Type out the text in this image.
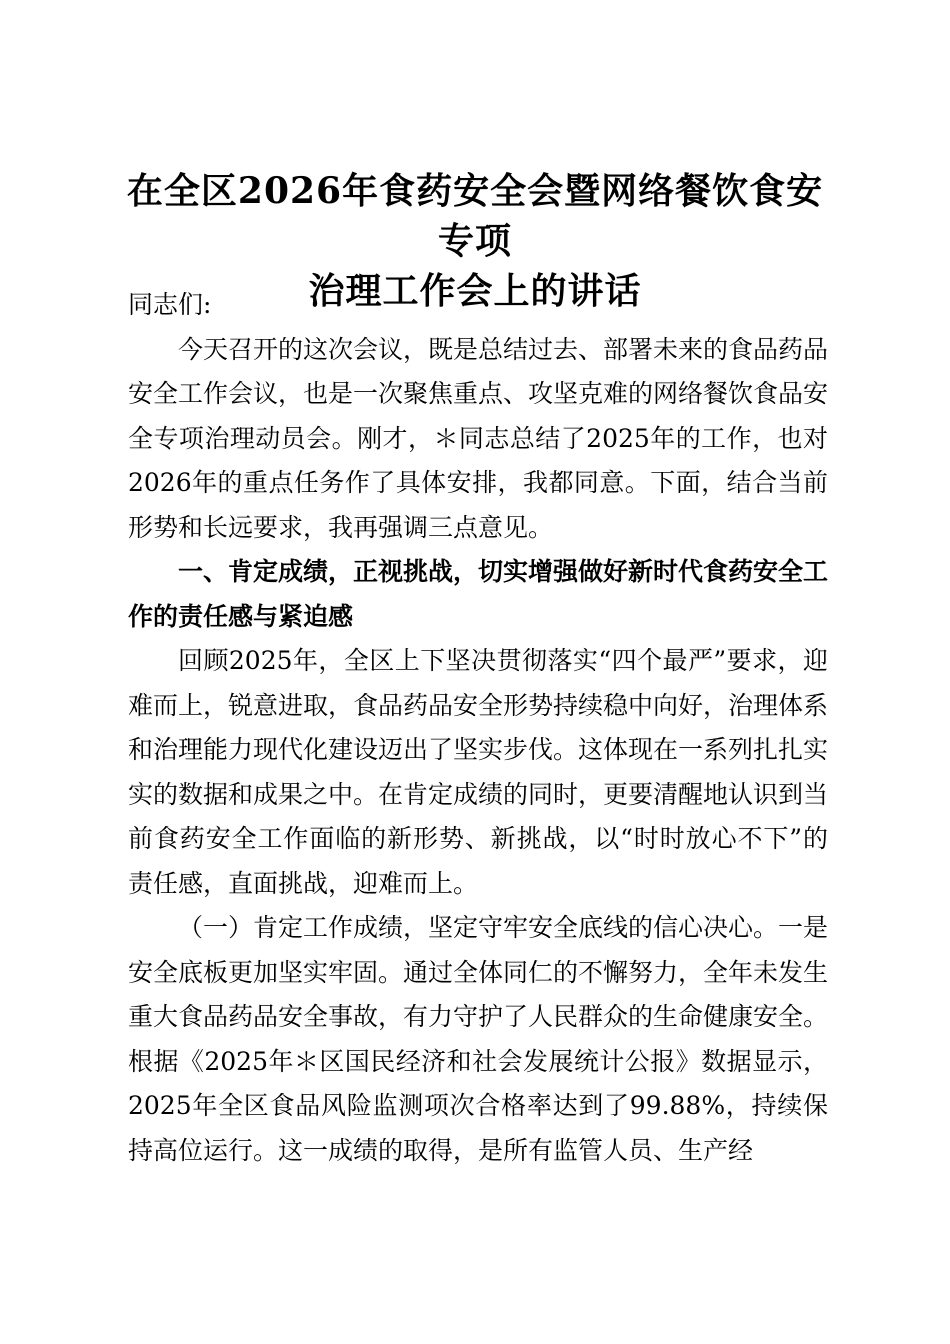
在全区2026年食药安全会暨网络餐饮食安专项
治理工作会上的讲话

同志们:

今天召开的这次会议，既是总结过去、部署未来的食品药品安全工作会议，也是一次聚焦重点、攻坚克难的网络餐饮食品安全专项治理动员会。刚才，＊同志总结了2025年的工作，也对2026年的重点任务作了具体安排，我都同意。下面，结合当前形势和长远要求，我再强调三点意见。

一、肯定成绩，正视挑战，切实增强做好新时代食药安全工作的责任感与紧迫感

回顾2025年，全区上下坚决贯彻落实“四个最严”要求，迎难而上，锐意进取，食品药品安全形势持续稳中向好，治理体系和治理能力现代化建设迈出了坚实步伐。这体现在一系列扎扎实实的数据和成果之中。在肯定成绩的同时，更要清醒地认识到当前食药安全工作面临的新形势、新挑战，以“时时放心不下”的责任感，直面挑战，迎难而上。

（一）肯定工作成绩，坚定守牢安全底线的信心决心。一是安全底板更加坚实牢固。通过全体同仁的不懈努力，全年未发生重大食品药品安全事故，有力守护了人民群众的生命健康安全。根据《2025年＊区国民经济和社会发展统计公报》数据显示，2025年全区食品风险监测项次合格率达到了99.88%，持续保持高位运行。这一成绩的取得，是所有监管人员、生产经
